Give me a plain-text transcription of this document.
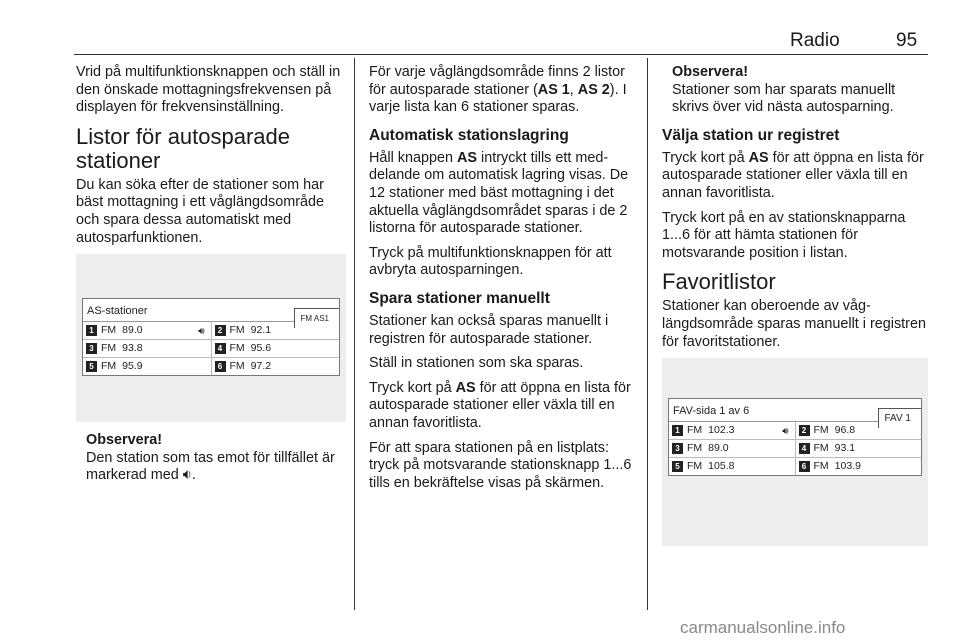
Radio	95

Vrid på multifunktionsknappen och ställ in den önskade mottagningsfrekvensen på displayen för frekvensinställning.

Listor för autosparade stationer

Du kan söka efter de stationer som har bäst mottagning i ett våglängdsområde och spara dessa automatiskt med autosparfunktionen.

AS-stationer
FM AS1
1 FM 89.0	🔊︎	2 FM 92.1
3 FM 93.8	4 FM 95.6
5 FM 95.9	6 FM 97.2

Observera!

Den station som tas emot för tillfället är markerad med 🔉︎.

För varje våglängdsområde finns 2 listor för autosparade stationer (AS 1, AS 2). I varje lista kan 6 stationer sparas.

Automatisk stationslagring

Håll knappen AS intryckt tills ett meddelande om automatisk lagring visas. De 12 stationer med bäst mottagning i det aktuella våglängdsområdet sparas i de 2 listorna för autosparade stationer.

Tryck på multifunktionsknappen för att avbryta autosparningen.

Spara stationer manuellt

Stationer kan också sparas manuellt i registren för autosparade stationer.

Ställ in stationen som ska sparas.

Tryck kort på AS för att öppna en lista för autosparade stationer eller växla till en annan favoritlista.

För att spara stationen på en listplats: tryck på motsvarande stationsknapp 1...6 tills en bekräftelse visas på skärmen.

Observera!

Stationer som har sparats manuellt skrivs över vid nästa autosparning.

Välja station ur registret

Tryck kort på AS för att öppna en lista för autosparade stationer eller växla till en annan favoritlista.

Tryck kort på en av stationsknapparna 1...6 för att hämta stationen för motsvarande position i listan.

Favoritlistor

Stationer kan oberoende av våglängdsområde sparas manuellt i registren för favoritstationer.

FAV-sida 1 av 6
FAV 1
1 FM 102.3	🔊︎	2 FM 96.8
3 FM 89.0	4 FM 93.1
5 FM 105.8	6 FM 103.9
carmanualsonline.info
